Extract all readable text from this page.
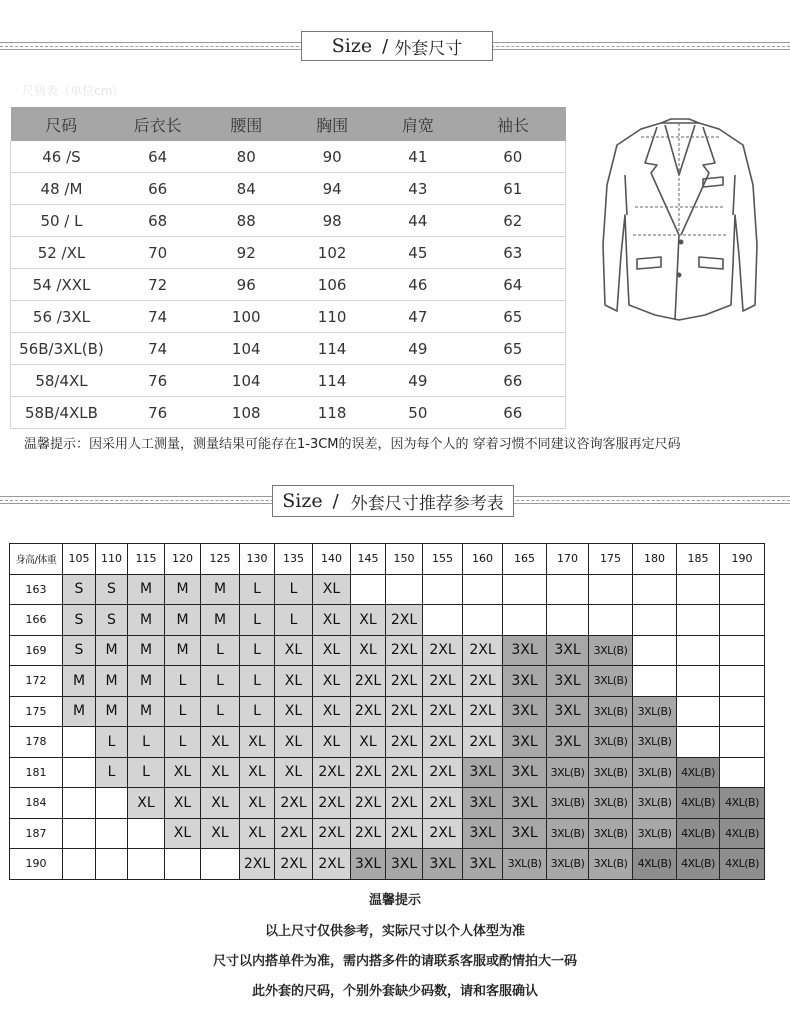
Size / 外套尺寸
尺码表（单位cm）
尺码	后衣长	腰围	胸围	肩宽	袖长
46 /S	64	80	90	41	60
48 /M	66	84	94	43	61
50 / L	68	88	98	44	62
52 /XL	70	92	102	45	63
54 /XXL	72	96	106	46	64
56 /3XL	74	100	110	47	65
56B/3XL(B)	74	104	114	49	65
58/4XL	76	104	114	49	66
58B/4XLB	76	108	118	50	66
温馨提示：因采用人工测量，测量结果可能存在1-3CM的误差，因为每个人的 穿着习惯不同建议咨询客服再定尺码
Size / 外套尺寸推荐参考表
身高/体重	105	110	115	120	125	130	135	140	145	150	155	160	165	170	175	180	185	190
163	S	S	M	M	M	L	L	XL										
166	S	S	M	M	M	L	L	XL	XL	2XL								
169	S	M	M	M	L	L	XL	XL	XL	2XL	2XL	2XL	3XL	3XL	3XL(B)			
172	M	M	M	L	L	L	XL	XL	2XL	2XL	2XL	2XL	3XL	3XL	3XL(B)			
175	M	M	M	L	L	L	XL	XL	2XL	2XL	2XL	2XL	3XL	3XL	3XL(B)	3XL(B)		
178		L	L	L	XL	XL	XL	XL	XL	2XL	2XL	2XL	3XL	3XL	3XL(B)	3XL(B)		
181		L	L	XL	XL	XL	XL	2XL	2XL	2XL	2XL	3XL	3XL	3XL(B)	3XL(B)	3XL(B)	4XL(B)	
184			XL	XL	XL	XL	2XL	2XL	2XL	2XL	2XL	3XL	3XL	3XL(B)	3XL(B)	3XL(B)	4XL(B)	4XL(B)
187				XL	XL	XL	2XL	2XL	2XL	2XL	2XL	3XL	3XL	3XL(B)	3XL(B)	3XL(B)	4XL(B)	4XL(B)
190						2XL	2XL	2XL	3XL	3XL	3XL	3XL	3XL(B)	3XL(B)	3XL(B)	4XL(B)	4XL(B)	4XL(B)
温馨提示
以上尺寸仅供参考，实际尺寸以个人体型为准
尺寸以内搭单件为准，需内搭多件的请联系客服或酌情拍大一码
此外套的尺码，个别外套缺少码数，请和客服确认
